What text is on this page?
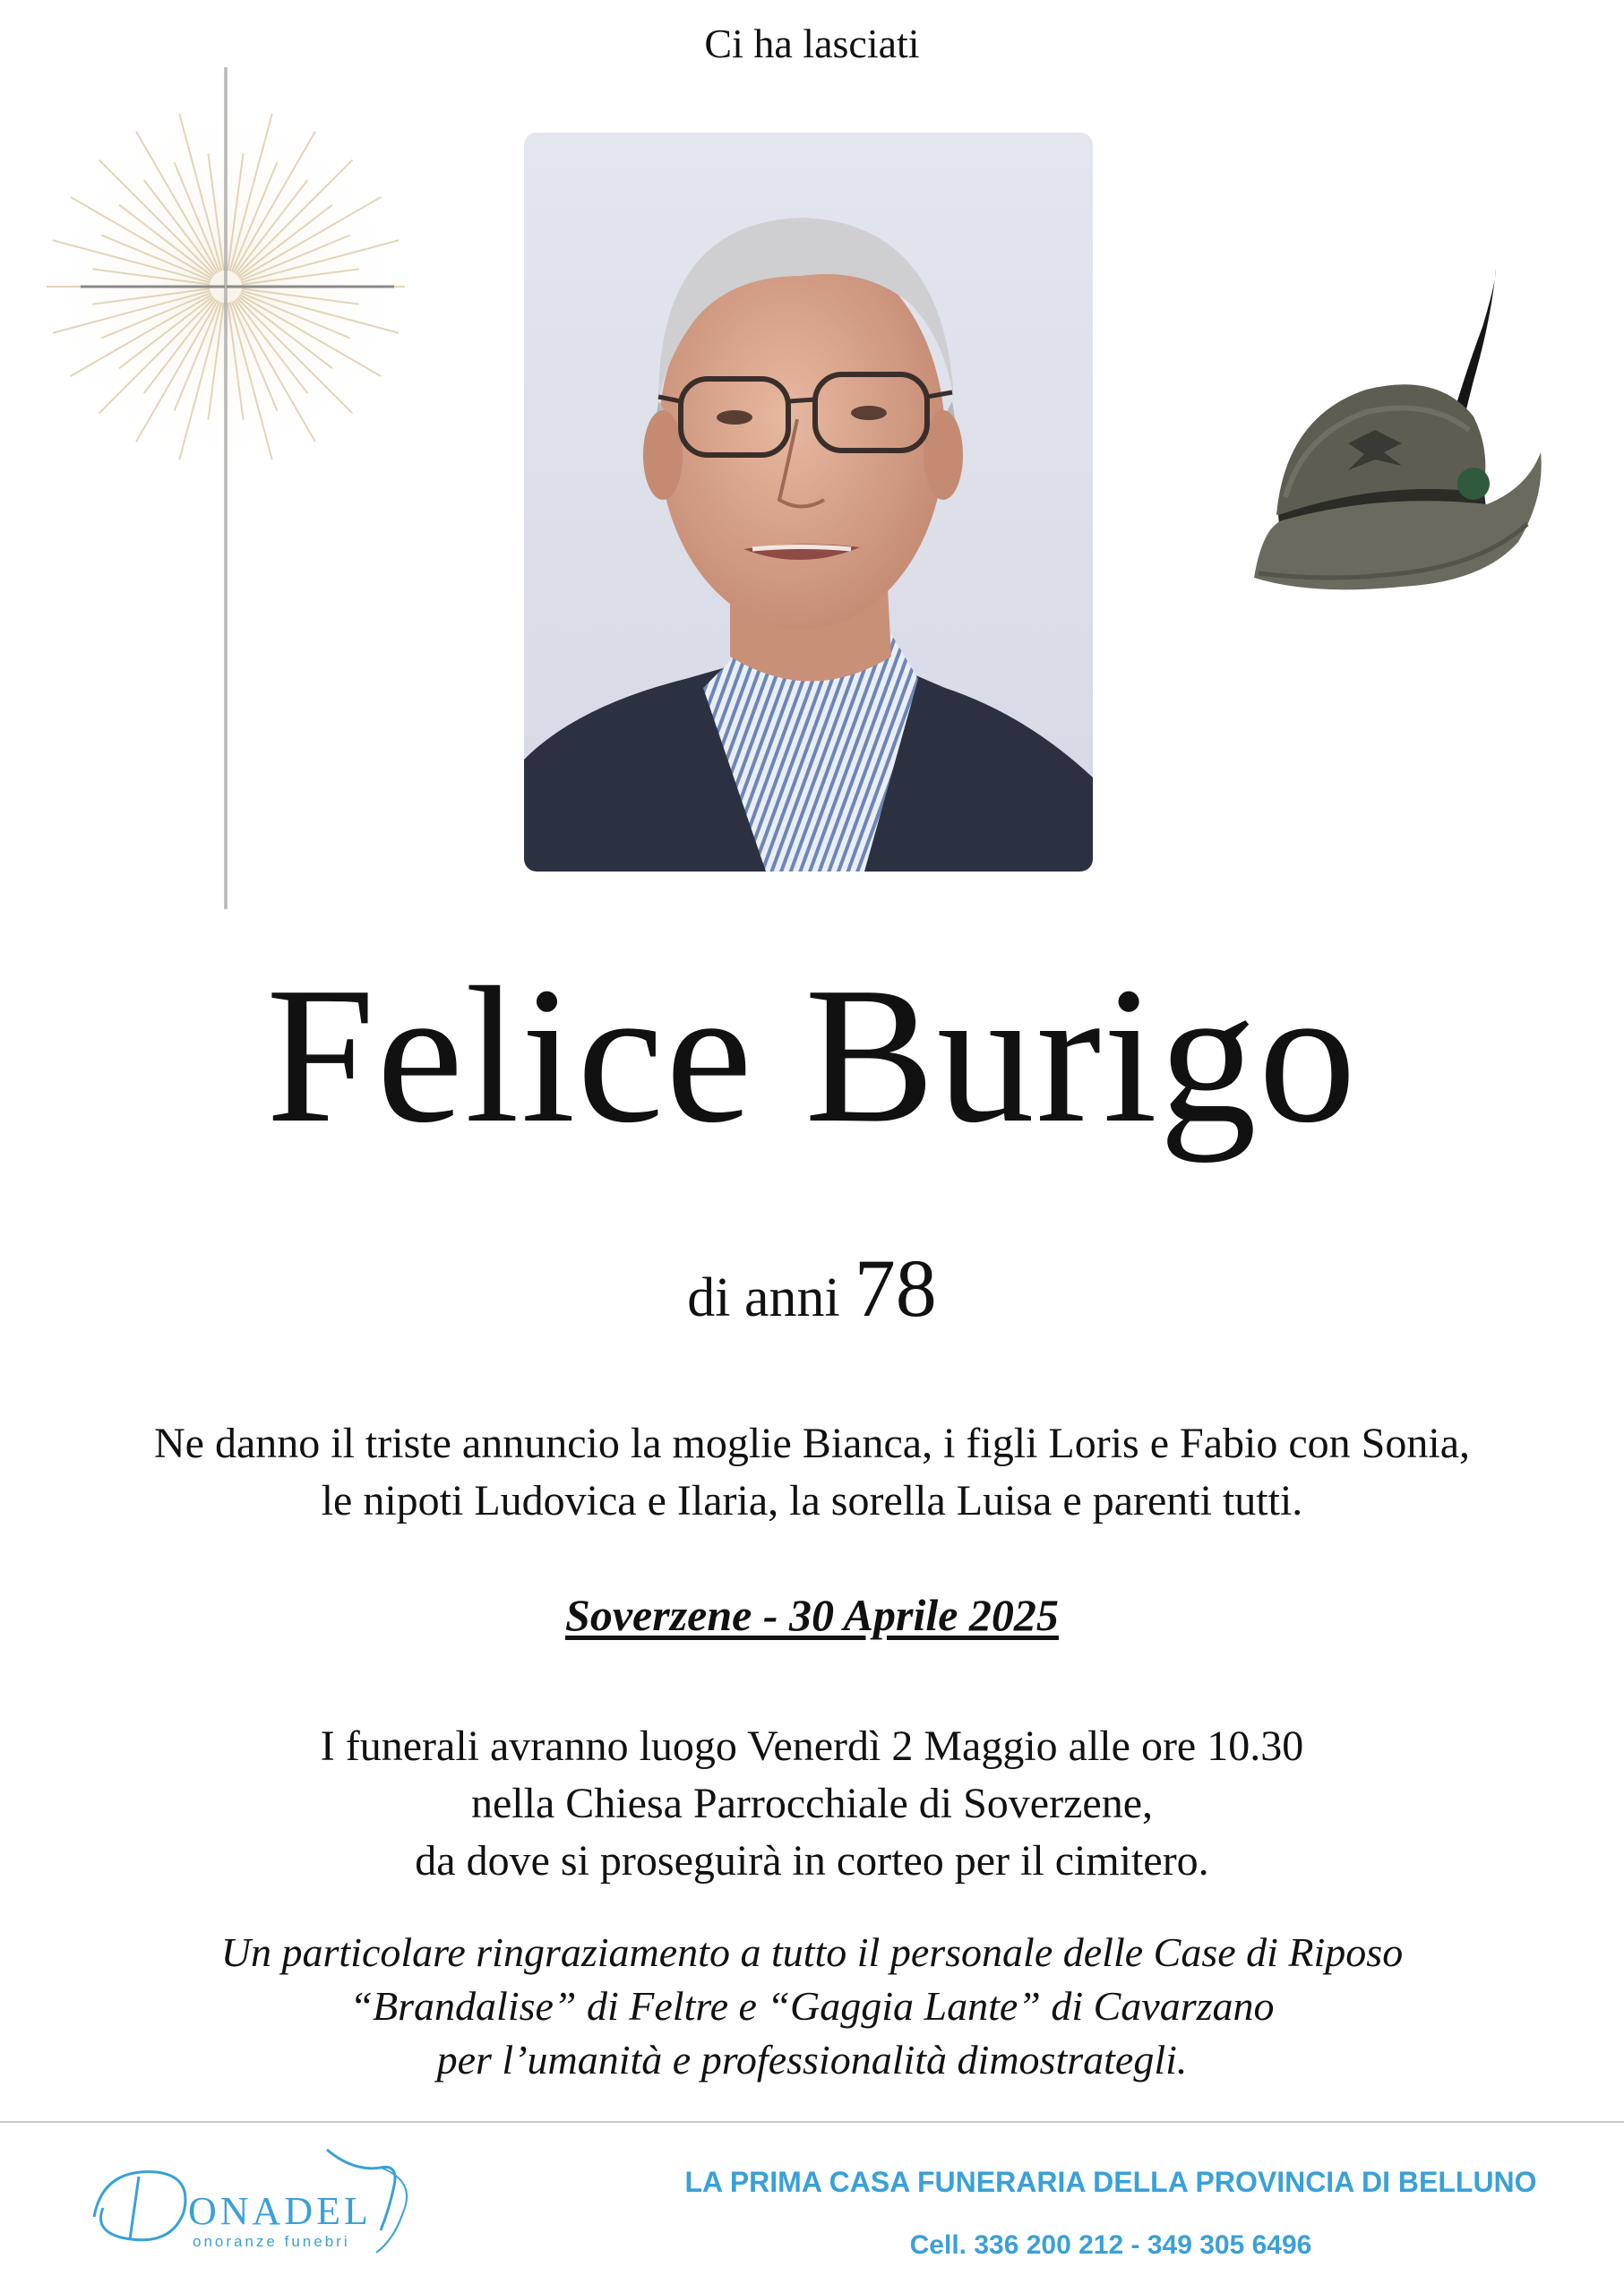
Ci ha lasciati
Felice Burigo
di anni 78
Ne danno il triste annuncio la moglie Bianca, i figli Loris e Fabio con Sonia,
le nipoti Ludovica e Ilaria, la sorella Luisa e parenti tutti.
Soverzene - 30 Aprile 2025
I funerali avranno luogo Venerdì 2 Maggio alle ore 10.30
nella Chiesa Parrocchiale di Soverzene,
da dove si proseguirà in corteo per il cimitero.
Un particolare ringraziamento a tutto il personale delle Case di Riposo
“Brandalise” di Feltre e “Gaggia Lante” di Cavarzano
per l’umanità e professionalità dimostrategli.
ONADEL
onoranze funebri
LA PRIMA CASA FUNERARIA DELLA PROVINCIA DI BELLUNO
Cell. 336 200 212 - 349 305 6496
